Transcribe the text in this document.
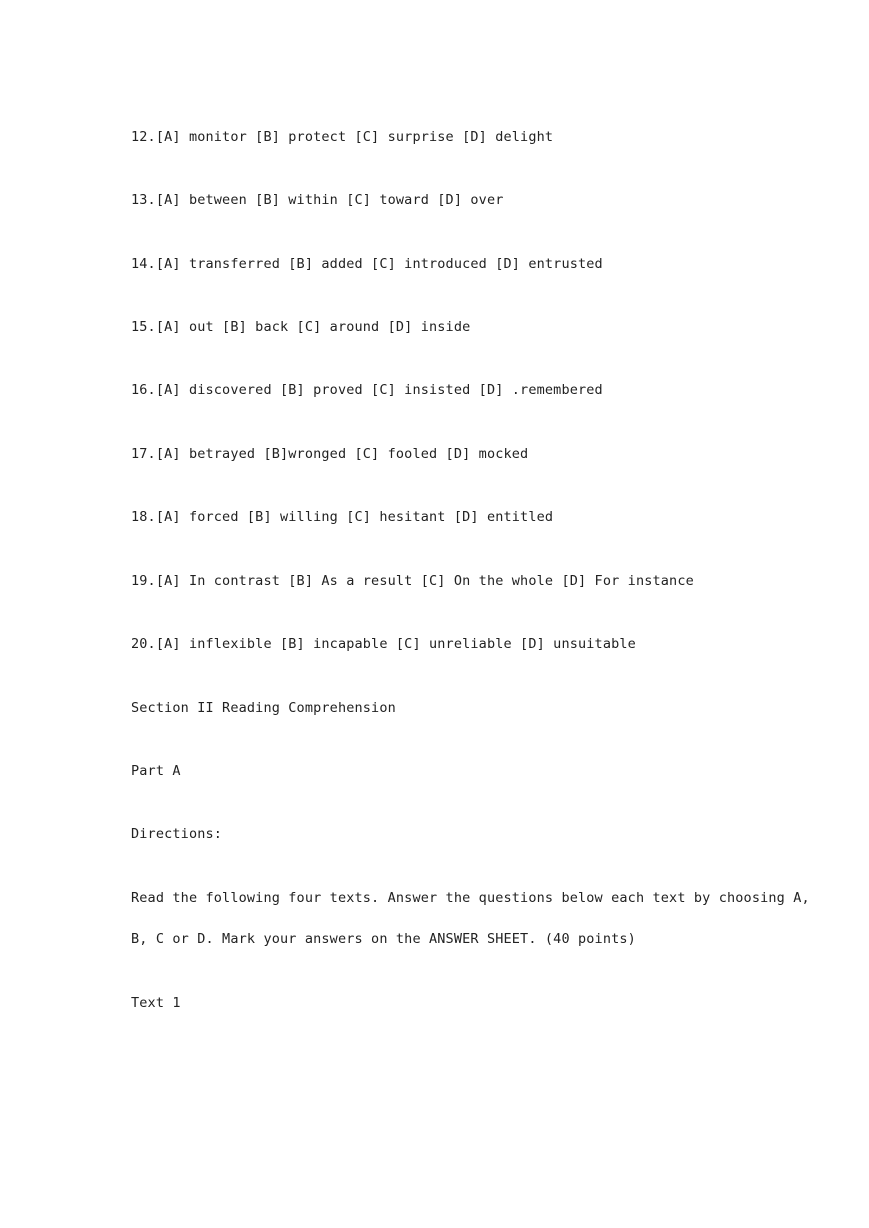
12.[A] monitor [B] protect [C] surprise [D] delight
13.[A] between [B] within [C] toward [D] over
14.[A] transferred [B] added [C] introduced [D] entrusted
15.[A] out [B] back [C] around [D] inside
16.[A] discovered [B] proved [C] insisted [D] .remembered
17.[A] betrayed [B]wronged [C] fooled [D] mocked
18.[A] forced [B] willing [C] hesitant [D] entitled
19.[A] In contrast [B] As a result [C] On the whole [D] For instance
20.[A] inflexible [B] incapable [C] unreliable [D] unsuitable
Section II Reading Comprehension
Part A
Directions:
Read the following four texts. Answer the questions below each text by choosing A,
B, C or D. Mark your answers on the ANSWER SHEET. (40 points)
Text 1
